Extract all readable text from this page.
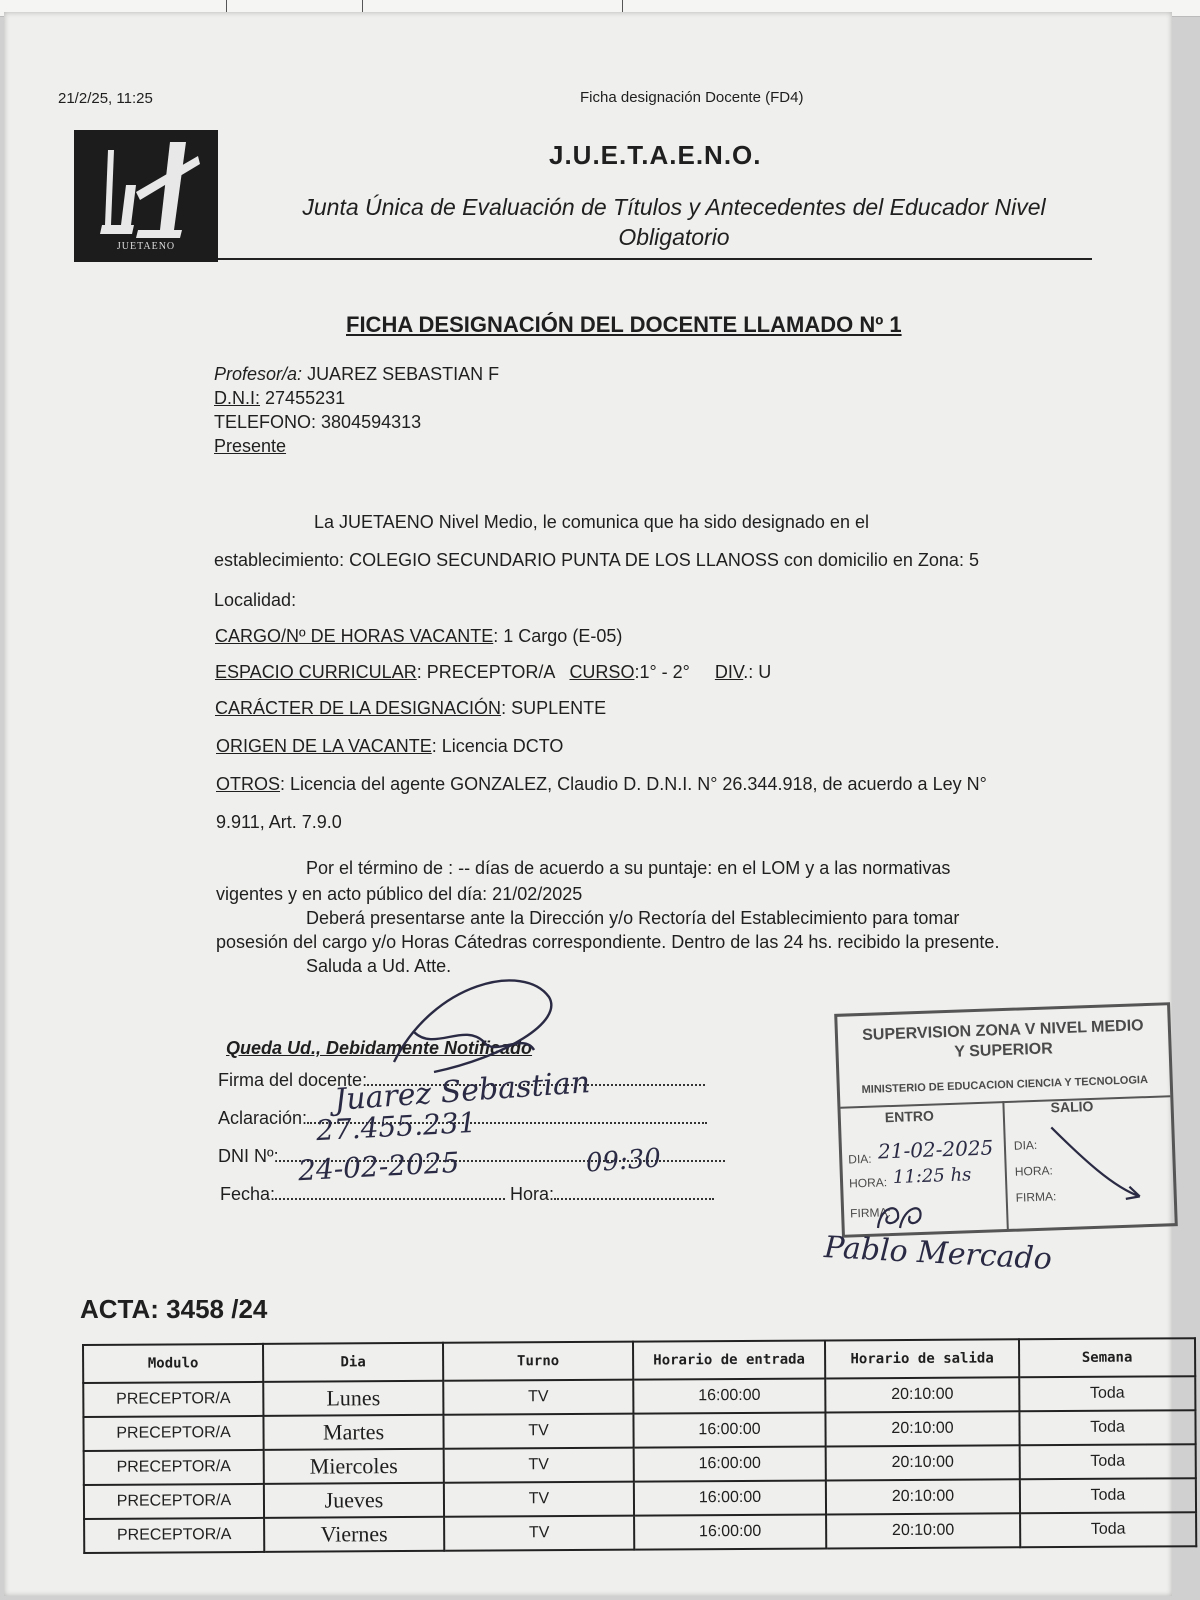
21/2/25, 11:25	Ficha designación Docente (FD4)
JUETAENO
J.U.E.T.A.E.N.O.
Junta Única de Evaluación de Títulos y Antecedentes del Educador Nivel
Obligatorio
FICHA DESIGNACIÓN DEL DOCENTE LLAMADO Nº 1
Profesor/a: JUAREZ SEBASTIAN F
D.N.I: 27455231
TELEFONO: 3804594313
Presente
La JUETAENO Nivel Medio, le comunica que ha sido designado en el
establecimiento: COLEGIO SECUNDARIO PUNTA DE LOS LLANOSS con domicilio en Zona: 5
Localidad:
CARGO/Nº DE HORAS VACANTE: 1 Cargo (E-05)
ESPACIO CURRICULAR: PRECEPTOR/A CURSO:1° - 2° DIV.: U
CARÁCTER DE LA DESIGNACIÓN: SUPLENTE
ORIGEN DE LA VACANTE: Licencia DCTO
OTROS: Licencia del agente GONZALEZ, Claudio D. D.N.I. N° 26.344.918, de acuerdo a Ley N°
9.911, Art. 7.9.0
Por el término de : -- días de acuerdo a su puntaje: en el LOM y a las normativas
vigentes y en acto público del día: 21/02/2025
Deberá presentarse ante la Dirección y/o Rectoría del Establecimiento para tomar
posesión del cargo y/o Horas Cátedras correspondiente. Dentro de las 24 hs. recibido la presente.
Saluda a Ud. Atte.
Queda Ud., Debidamente Notificado
Firma del docente:
Aclaración:
DNI Nº:
Fecha:	Hora:
Juarez Sebastian
27.455.231
24-02-2025	09:30
SUPERVISION ZONA V NIVEL MEDIO
Y SUPERIOR
MINISTERIO DE EDUCACION CIENCIA Y TECNOLOGIA
ENTRO
SALIO
DIA: 21-02-2025
HORA: 11:25 hs
FIRMA:
DIA:
HORA:
FIRMA:
Pablo Mercado
ACTA: 3458 /24
Modulo	Dia	Turno	Horario de entrada	Horario de salida	Semana
PRECEPTOR/A	Lunes	TV	16:00:00	20:10:00	Toda
PRECEPTOR/A	Martes	TV	16:00:00	20:10:00	Toda
PRECEPTOR/A	Miercoles	TV	16:00:00	20:10:00	Toda
PRECEPTOR/A	Jueves	TV	16:00:00	20:10:00	Toda
PRECEPTOR/A	Viernes	TV	16:00:00	20:10:00	Toda
